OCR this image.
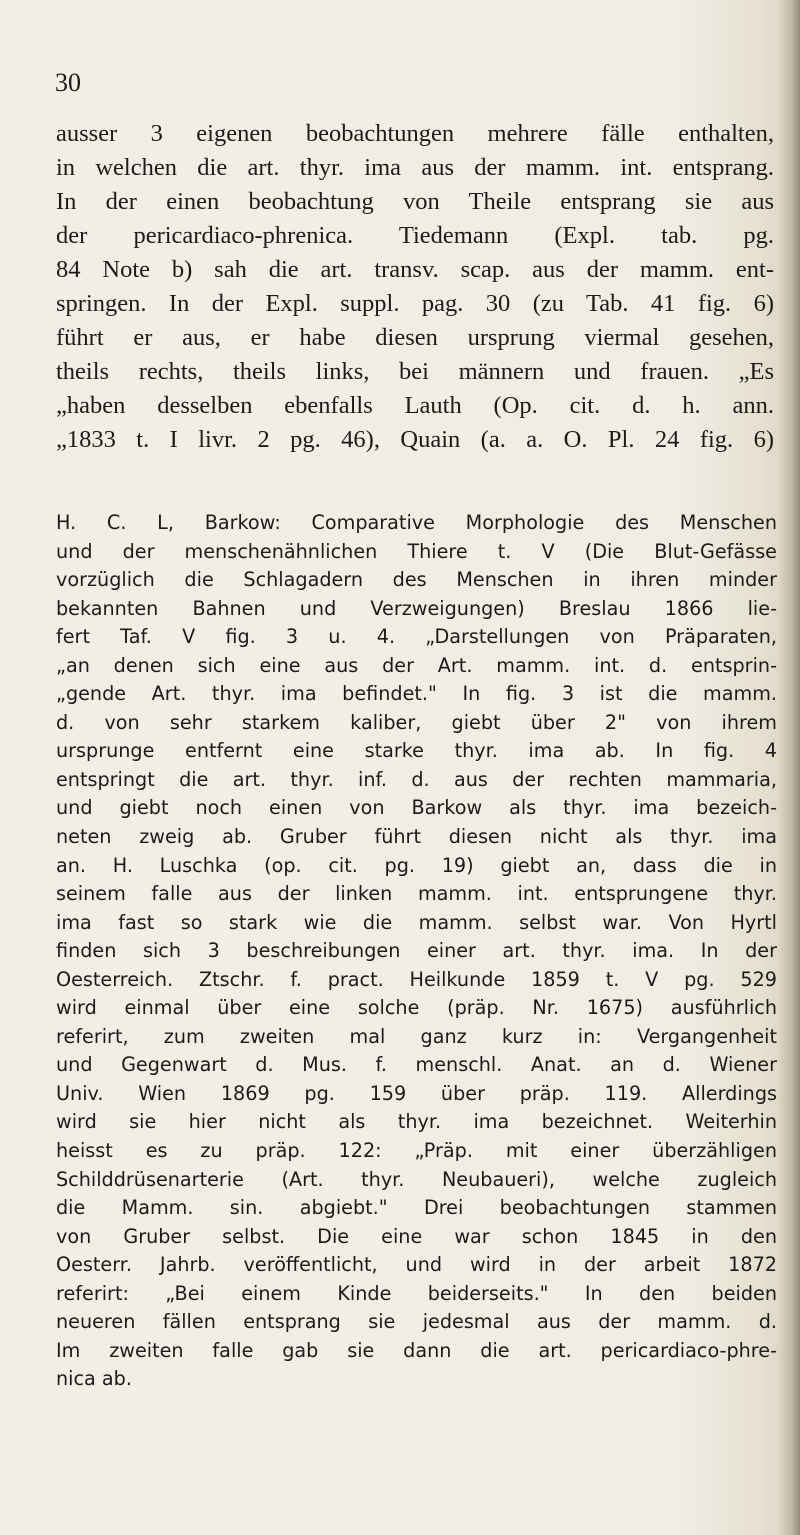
30
ausser 3 eigenen beobachtungen mehrere fälle enthalten,
in welchen die art. thyr. ima aus der mamm. int. entsprang.
In der einen beobachtung von Theile entsprang sie aus
der pericardiaco-phrenica. Tiedemann (Expl. tab. pg.
84 Note b) sah die art. transv. scap. aus der mamm. ent-
springen. In der Expl. suppl. pag. 30 (zu Tab. 41 fig. 6)
führt er aus, er habe diesen ursprung viermal gesehen,
theils rechts, theils links, bei männern und frauen. „Es
„haben desselben ebenfalls Lauth (Op. cit. d. h. ann.
„1833 t. I livr. 2 pg. 46), Quain (a. a. O. Pl. 24 fig. 6)
H. C. L, Barkow: Comparative Morphologie des Menschen
und der menschenähnlichen Thiere t. V (Die Blut-Gefässe
vorzüglich die Schlagadern des Menschen in ihren minder
bekannten Bahnen und Verzweigungen) Breslau 1866 lie-
fert Taf. V fig. 3 u. 4. „Darstellungen von Präparaten,
„an denen sich eine aus der Art. mamm. int. d. entsprin-
„gende Art. thyr. ima befindet." In fig. 3 ist die mamm.
d. von sehr starkem kaliber, giebt über 2" von ihrem
ursprunge entfernt eine starke thyr. ima ab. In fig. 4
entspringt die art. thyr. inf. d. aus der rechten mammaria,
und giebt noch einen von Barkow als thyr. ima bezeich-
neten zweig ab. Gruber führt diesen nicht als thyr. ima
an. H. Luschka (op. cit. pg. 19) giebt an, dass die in
seinem falle aus der linken mamm. int. entsprungene thyr.
ima fast so stark wie die mamm. selbst war. Von Hyrtl
finden sich 3 beschreibungen einer art. thyr. ima. In der
Oesterreich. Ztschr. f. pract. Heilkunde 1859 t. V pg. 529
wird einmal über eine solche (präp. Nr. 1675) ausführlich
referirt, zum zweiten mal ganz kurz in: Vergangenheit
und Gegenwart d. Mus. f. menschl. Anat. an d. Wiener
Univ. Wien 1869 pg. 159 über präp. 119. Allerdings
wird sie hier nicht als thyr. ima bezeichnet. Weiterhin
heisst es zu präp. 122: „Präp. mit einer überzähligen
Schilddrüsenarterie (Art. thyr. Neubaueri), welche zugleich
die Mamm. sin. abgiebt." Drei beobachtungen stammen
von Gruber selbst. Die eine war schon 1845 in den
Oesterr. Jahrb. veröffentlicht, und wird in der arbeit 1872
referirt: „Bei einem Kinde beiderseits." In den beiden
neueren fällen entsprang sie jedesmal aus der mamm. d.
Im zweiten falle gab sie dann die art. pericardiaco-phre-
nica ab.
